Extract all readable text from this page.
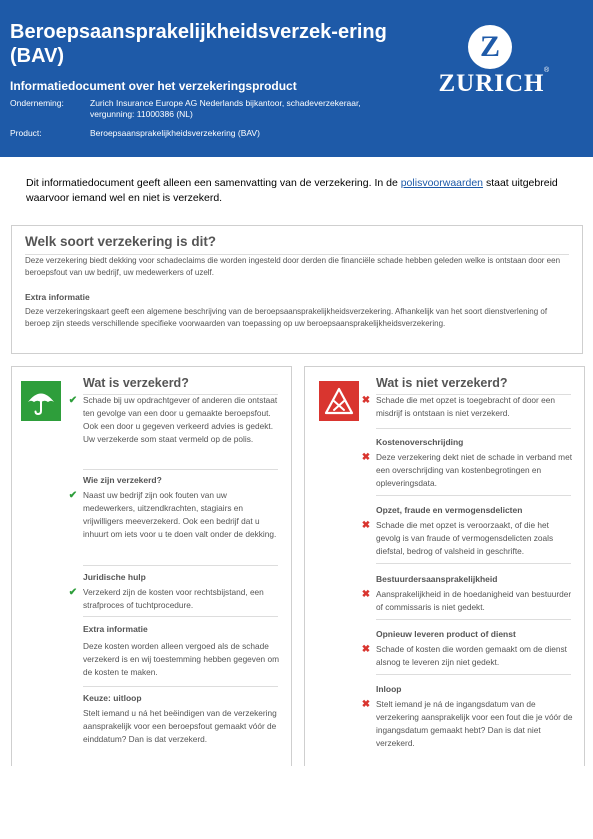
Beroepsaansprakelijkheidsverzek-ering (BAV)
Informatiedocument over het verzekeringsproduct
Onderneming:	Zurich Insurance Europe AG Nederlands bijkantoor, schadeverzekeraar, vergunning: 11000386 (NL)
Product:	Beroepsaansprakelijkheidsverzekering (BAV)
Z
ZURICH ®
Dit informatiedocument geeft alleen een samenvatting van de verzekering. In de polisvoorwaarden staat uitgebreid waarvoor iemand wel en niet is verzekerd.
Welk soort verzekering is dit?
Deze verzekering biedt dekking voor schadeclaims die worden ingesteld door derden die financiële schade hebben geleden welke is ontstaan door een beroepsfout van uw bedrijf, uw medewerkers of uzelf.
Extra informatie
Deze verzekeringskaart geeft een algemene beschrijving van de beroepsaansprakelijkheidsverzekering. Afhankelijk van het soort dienstverlening of beroep zijn steeds verschillende specifieke voorwaarden van toepassing op uw beroepsaansprakelijkheidsverzekering.
Wat is verzekerd?
✔ Schade bij uw opdrachtgever of anderen die ontstaat ten gevolge van een door u gemaakte beroepsfout. Ook een door u gegeven verkeerd advies is gedekt. Uw verzekerde som staat vermeld op de polis.
Wie zijn verzekerd?
✔ Naast uw bedrijf zijn ook fouten van uw medewerkers, uitzendkrachten, stagiairs en vrijwilligers meeverzekerd. Ook een bedrijf dat u inhuurt om iets voor u te doen valt onder de dekking.
Juridische hulp
✔ Verzekerd zijn de kosten voor rechtsbijstand, een strafproces of tuchtprocedure.
Extra informatie
Deze kosten worden alleen vergoed als de schade verzekerd is en wij toestemming hebben gegeven om de kosten te maken.
Keuze: uitloop
Stelt iemand u ná het beëindigen van de verzekering aansprakelijk voor een beroepsfout gemaakt vóór de einddatum? Dan is dat verzekerd.
Wat is niet verzekerd?
✖ Schade die met opzet is toegebracht of door een misdrijf is ontstaan is niet verzekerd.
Kostenoverschrijding
✖ Deze verzekering dekt niet de schade in verband met een overschrijding van kostenbegrotingen en opleveringsdata.
Opzet, fraude en vermogensdelicten
✖ Schade die met opzet is veroorzaakt, of die het gevolg is van fraude of vermogensdelicten zoals diefstal, bedrog of valsheid in geschrifte.
Bestuurdersaansprakelijkheid
✖ Aansprakelijkheid in de hoedanigheid van bestuurder of commissaris is niet gedekt.
Opnieuw leveren product of dienst
✖ Schade of kosten die worden gemaakt om de dienst alsnog te leveren zijn niet gedekt.
Inloop
✖ Stelt iemand je ná de ingangsdatum van de verzekering aansprakelijk voor een fout die je vóór de ingangsdatum gemaakt hebt? Dan is dat niet verzekerd.
